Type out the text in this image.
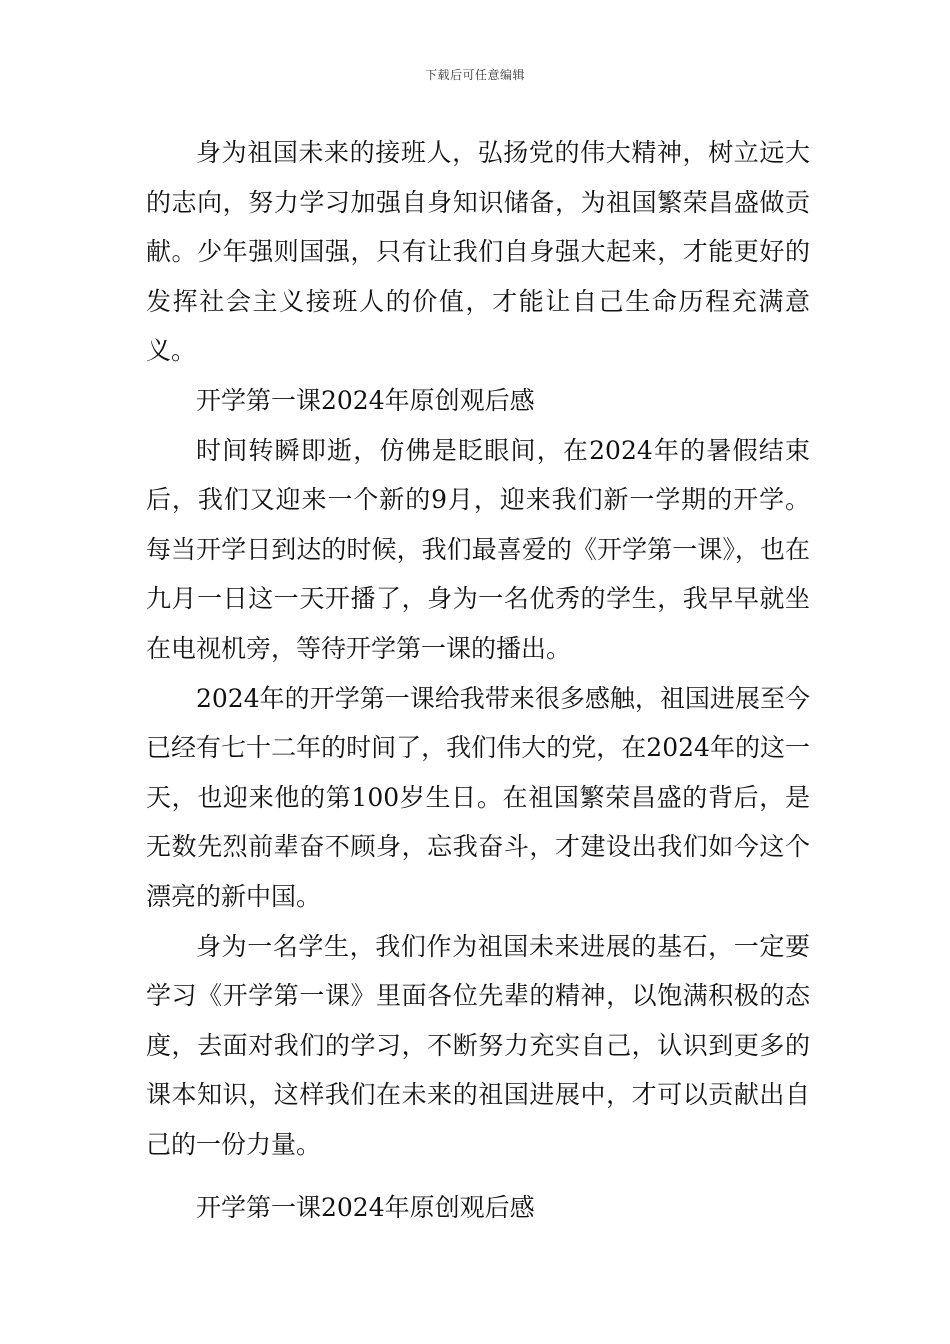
下载后可任意编辑

身为祖国未来的接班人，弘扬党的伟大精神，树立远大的志向，努力学习加强自身知识储备，为祖国繁荣昌盛做贡献。少年强则国强，只有让我们自身强大起来，才能更好的发挥社会主义接班人的价值，才能让自己生命历程充满意义。

开学第一课2024年原创观后感

时间转瞬即逝，仿佛是眨眼间，在2024年的暑假结束后，我们又迎来一个新的9月，迎来我们新一学期的开学。每当开学日到达的时候，我们最喜爱的《开学第一课》，也在九月一日这一天开播了，身为一名优秀的学生，我早早就坐在电视机旁，等待开学第一课的播出。

2024年的开学第一课给我带来很多感触，祖国进展至今已经有七十二年的时间了，我们伟大的党，在2024年的这一天，也迎来他的第100岁生日。在祖国繁荣昌盛的背后，是无数先烈前辈奋不顾身，忘我奋斗，才建设出我们如今这个漂亮的新中国。

身为一名学生，我们作为祖国未来进展的基石，一定要学习《开学第一课》里面各位先辈的精神，以饱满积极的态度，去面对我们的学习，不断努力充实自己，认识到更多的课本知识，这样我们在未来的祖国进展中，才可以贡献出自己的一份力量。

开学第一课2024年原创观后感
